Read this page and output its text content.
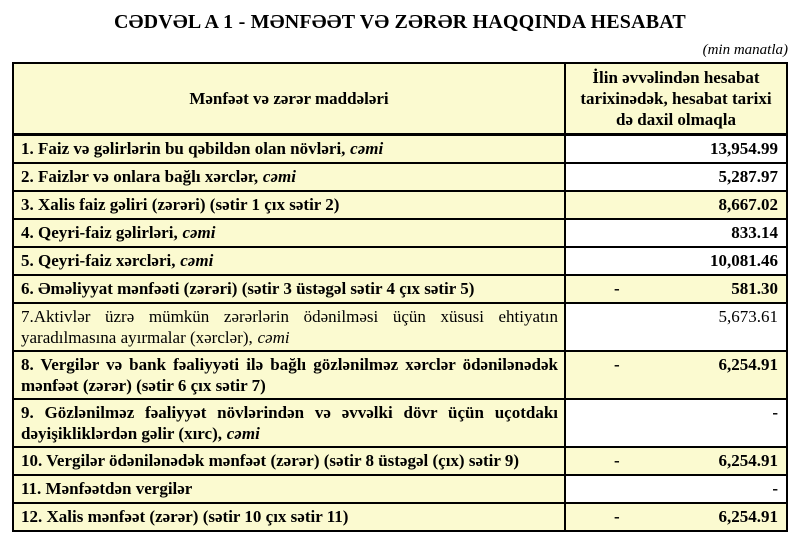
CƏDVƏL A 1 - MƏNFƏƏT VƏ ZƏRƏR HAQQINDA HESABAT
(min manatla)
Mənfəət və zərər maddələri	İlin əvvəlindən hesabat tarixinədək, hesabat tarixi də daxil olmaqla
1. Faiz və gəlirlərin bu qəbildən olan növləri, cəmi	13,954.99

2. Faizlər və onlara bağlı xərclər, cəmi	5,287.97

3. Xalis faiz gəliri (zərəri) (sətir 1 çıx sətir 2)	8,667.02

4. Qeyri-faiz gəlirləri, cəmi	833.14

5. Qeyri-faiz xərcləri, cəmi	10,081.46

6. Əməliyyat mənfəəti (zərəri) (sətir 3 üstəgəl sətir 4 çıx sətir 5)	- 581.30

7.Aktivlər üzrə mümkün zərərlərin ödənilməsi üçün xüsusi ehtiyatın yaradılmasına ayırmalar (xərclər), cəmi	5,673.61

8. Vergilər və bank fəaliyyəti ilə bağlı gözlənilməz xərclər ödənilənədək mənfəət (zərər) (sətir 6 çıx sətir 7)	- 6,254.91

9. Gözlənilməz fəaliyyət növlərindən və əvvəlki dövr üçün uçotdakı dəyişikliklərdən gəlir (xırc), cəmi	-

10. Vergilər ödənilənədək mənfəət (zərər) (sətir 8 üstəgəl (çıx) sətir 9)	- 6,254.91

11. Mənfəətdən vergilər	-

12. Xalis mənfəət (zərər) (sətir 10 çıx sətir 11)	- 6,254.91
